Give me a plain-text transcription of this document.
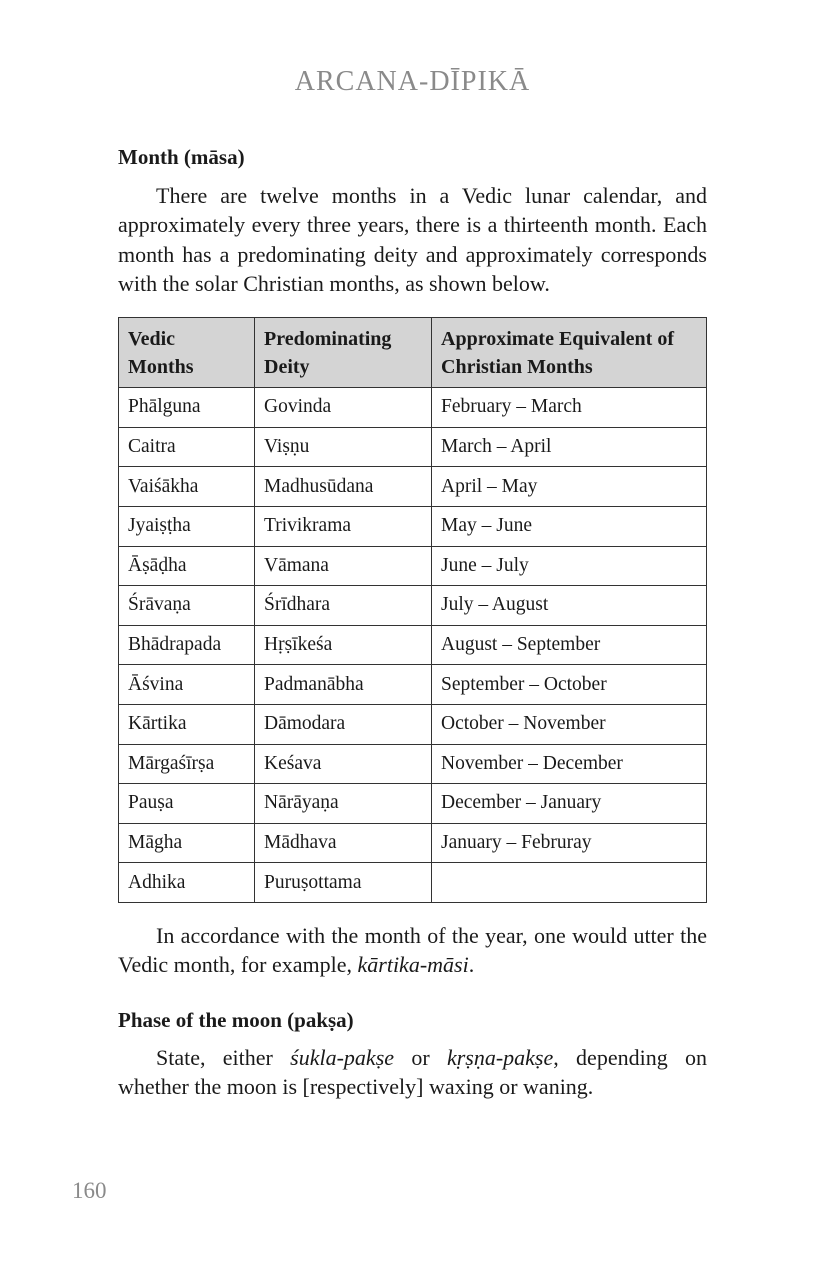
ARCANA-DĪPIKĀ
Month (māsa)

There are twelve months in a Vedic lunar calendar, and approximately every three years, there is a thirteenth month. Each month has a predominating deity and approximately corresponds with the solar Christian months, as shown below.

Vedic Months	Predominating Deity	Approximate Equivalent of Christian Months
Phālguna	Govinda	February – March
Caitra	Viṣṇu	March – April
Vaiśākha	Madhusūdana	April – May
Jyaiṣṭha	Trivikrama	May – June
Āṣāḍha	Vāmana	June – July
Śrāvaṇa	Śrīdhara	July – August
Bhādrapada	Hṛṣīkeśa	August – September
Āśvina	Padmanābha	September – October
Kārtika	Dāmodara	October – November
Mārgaśīrṣa	Keśava	November – December
Pauṣa	Nārāyaṇa	December – January
Māgha	Mādhava	January – Februray
Adhika	Puruṣottama	

In accordance with the month of the year, one would utter the Vedic month, for example, kārtika-māsi.

Phase of the moon (pakṣa)

State, either śukla-pakṣe or kṛṣṇa-pakṣe, depending on whether the moon is [respectively] waxing or waning.

160
